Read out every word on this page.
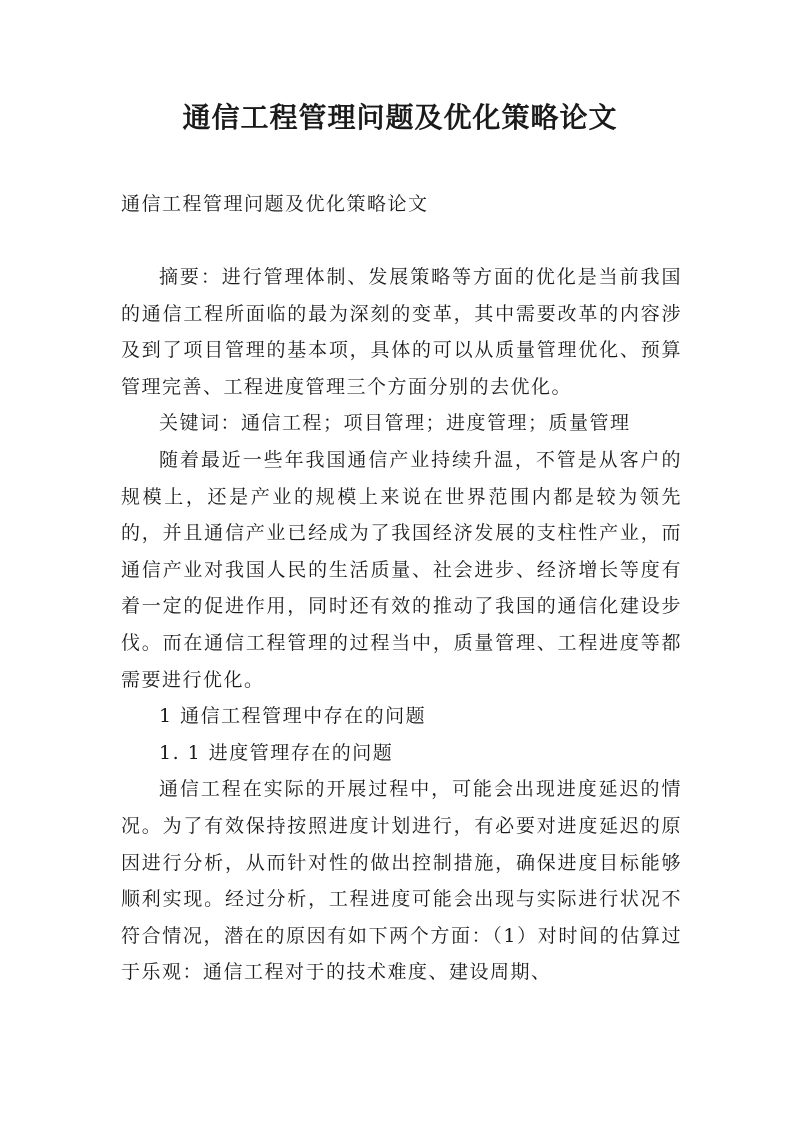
通信工程管理问题及优化策略论文

通信工程管理问题及优化策略论文

摘要：进行管理体制、发展策略等方面的优化是当前我国的通信工程所面临的最为深刻的变革，其中需要改革的内容涉及到了项目管理的基本项，具体的可以从质量管理优化、预算管理完善、工程进度管理三个方面分别的去优化。

关键词：通信工程；项目管理；进度管理；质量管理

随着最近一些年我国通信产业持续升温，不管是从客户的规模上，还是产业的规模上来说在世界范围内都是较为领先的，并且通信产业已经成为了我国经济发展的支柱性产业，而通信产业对我国人民的生活质量、社会进步、经济增长等度有着一定的促进作用，同时还有效的推动了我国的通信化建设步伐。而在通信工程管理的过程当中，质量管理、工程进度等都需要进行优化。

1 通信工程管理中存在的问题

1. 1 进度管理存在的问题

通信工程在实际的开展过程中，可能会出现进度延迟的情况。为了有效保持按照进度计划进行，有必要对进度延迟的原因进行分析，从而针对性的做出控制措施，确保进度目标能够顺利实现。经过分析，工程进度可能会出现与实际进行状况不符合情况，潜在的原因有如下两个方面：（1）对时间的估算过于乐观：通信工程对于的技术难度、建设周期、
